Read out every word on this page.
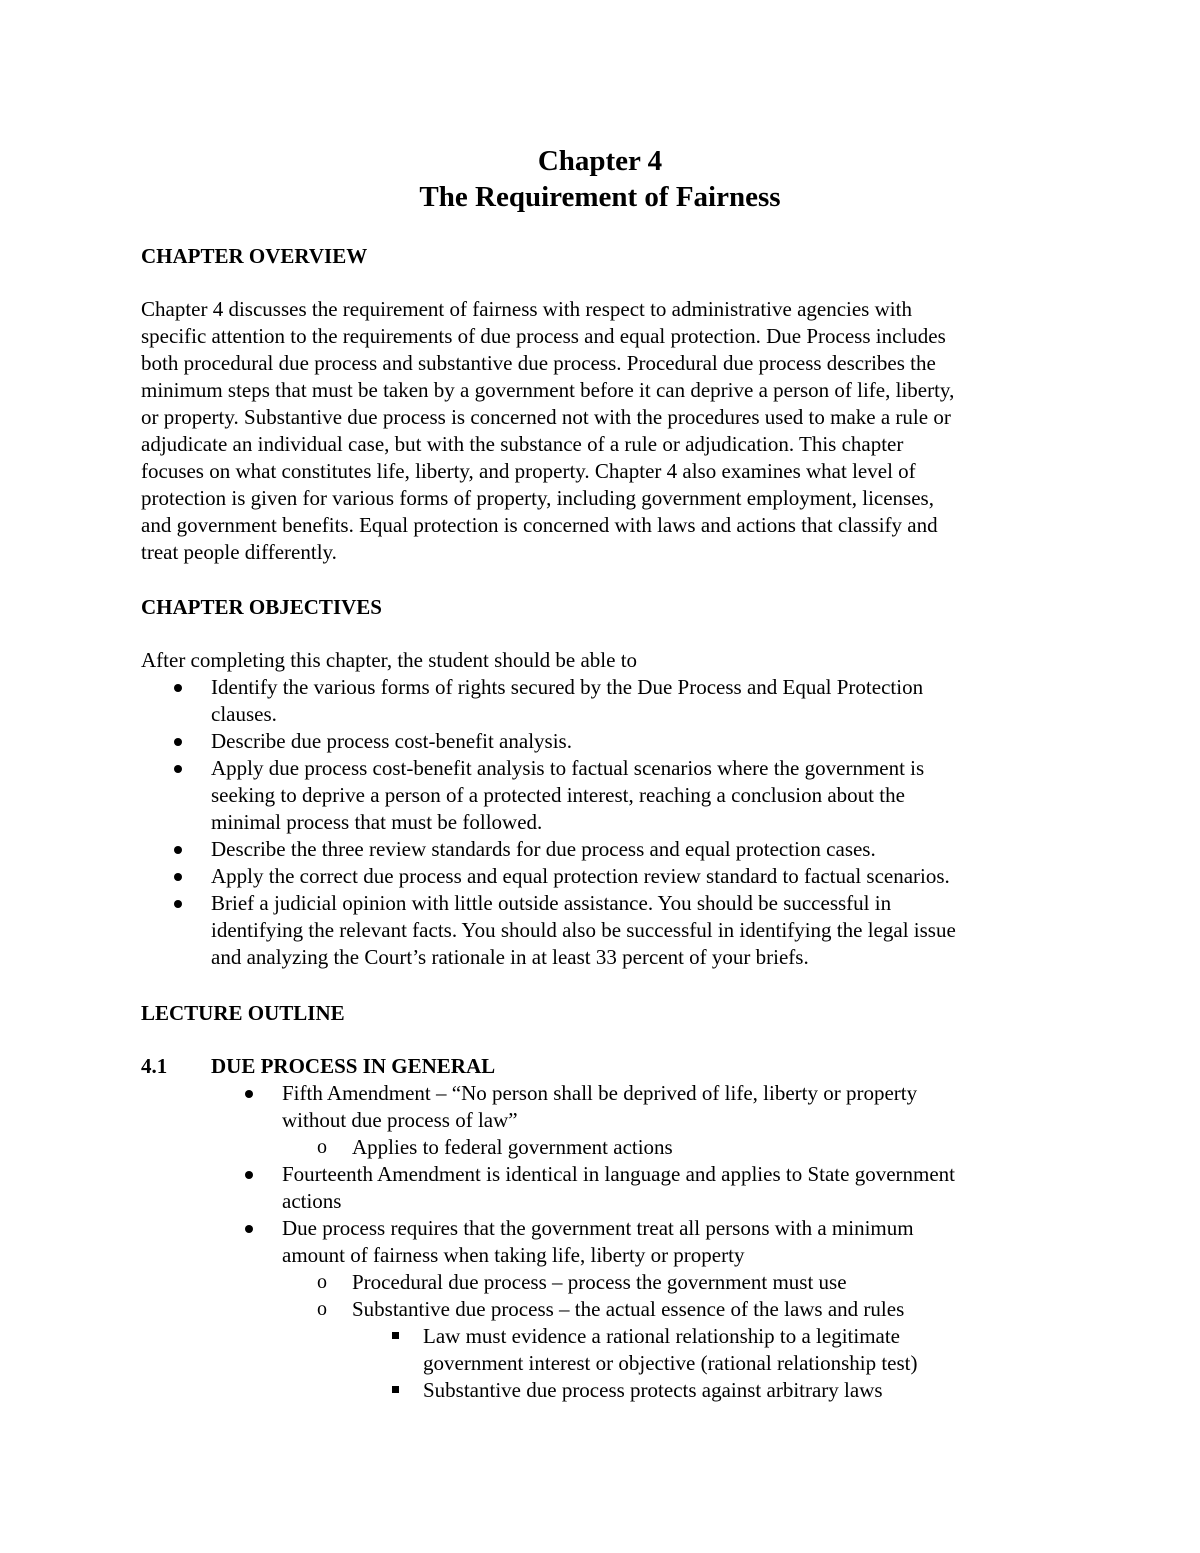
Chapter 4
The Requirement of Fairness
CHAPTER OVERVIEW
Chapter 4 discusses the requirement of fairness with respect to administrative agencies with
specific attention to the requirements of due process and equal protection. Due Process includes
both procedural due process and substantive due process. Procedural due process describes the
minimum steps that must be taken by a government before it can deprive a person of life, liberty,
or property. Substantive due process is concerned not with the procedures used to make a rule or
adjudicate an individual case, but with the substance of a rule or adjudication. This chapter
focuses on what constitutes life, liberty, and property. Chapter 4 also examines what level of
protection is given for various forms of property, including government employment, licenses,
and government benefits. Equal protection is concerned with laws and actions that classify and
treat people differently.
CHAPTER OBJECTIVES
After completing this chapter, the student should be able to
Identify the various forms of rights secured by the Due Process and Equal Protection
clauses.
Describe due process cost-benefit analysis.
Apply due process cost-benefit analysis to factual scenarios where the government is
seeking to deprive a person of a protected interest, reaching a conclusion about the
minimal process that must be followed.
Describe the three review standards for due process and equal protection cases.
Apply the correct due process and equal protection review standard to factual scenarios.
Brief a judicial opinion with little outside assistance. You should be successful in
identifying the relevant facts. You should also be successful in identifying the legal issue
and analyzing the Court’s rationale in at least 33 percent of your briefs.
LECTURE OUTLINE
4.1 DUE PROCESS IN GENERAL
Fifth Amendment – “No person shall be deprived of life, liberty or property
without due process of law”
o Applies to federal government actions
Fourteenth Amendment is identical in language and applies to State government
actions
Due process requires that the government treat all persons with a minimum
amount of fairness when taking life, liberty or property
o Procedural due process – process the government must use
o Substantive due process – the actual essence of the laws and rules
Law must evidence a rational relationship to a legitimate
government interest or objective (rational relationship test)
Substantive due process protects against arbitrary laws
